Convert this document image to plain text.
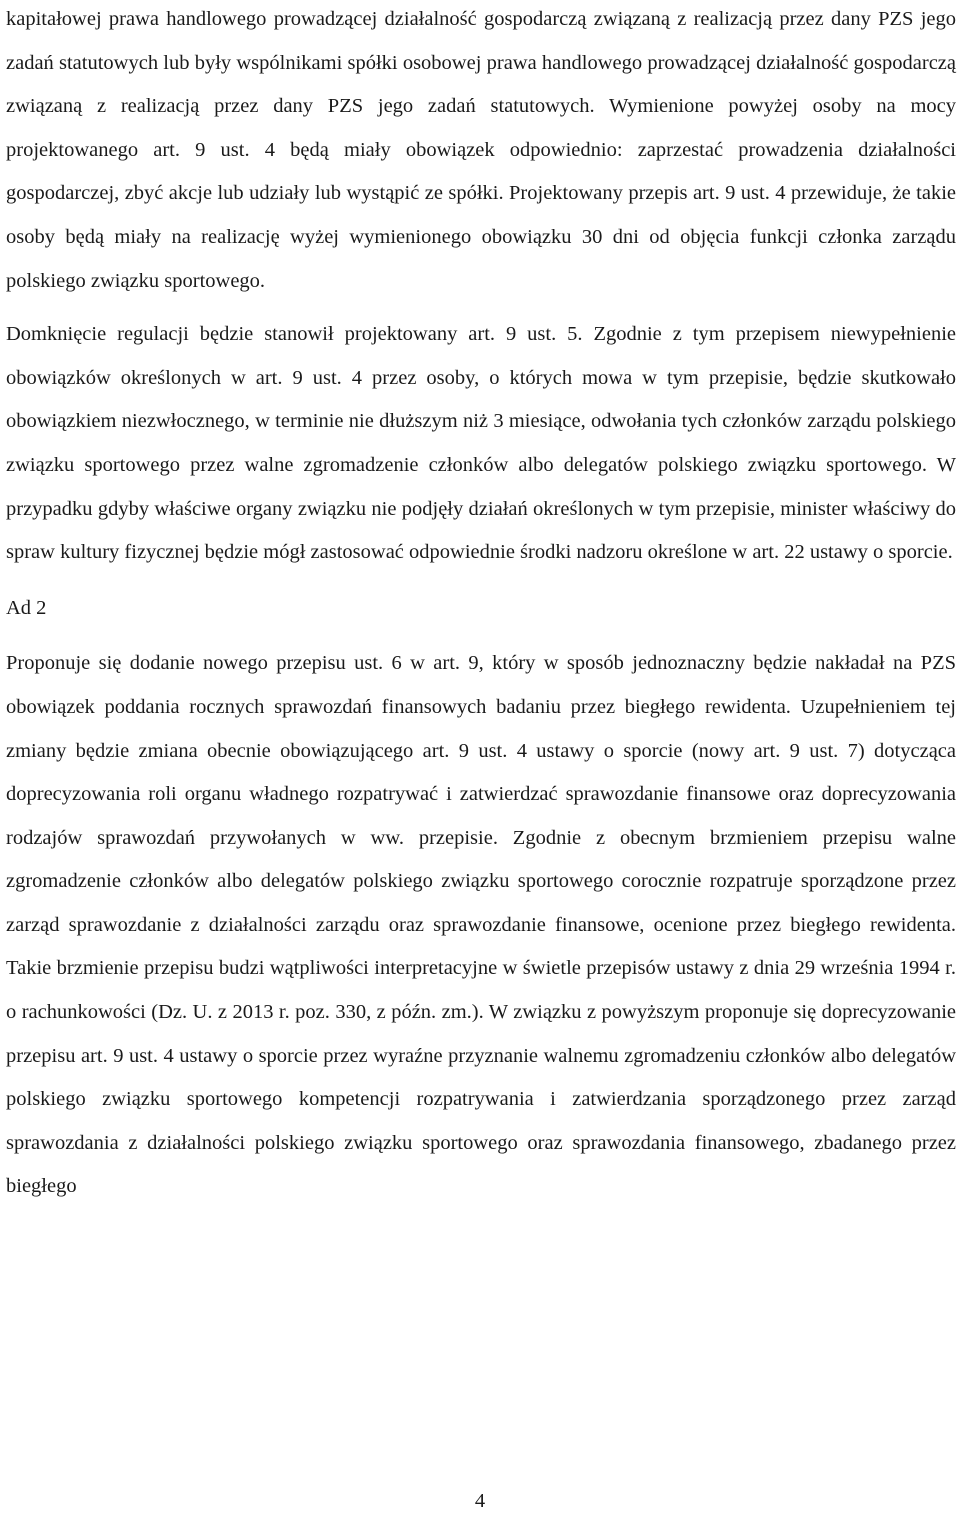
kapitałowej prawa handlowego prowadzącej działalność gospodarczą związaną z realizacją przez dany PZS jego zadań statutowych lub były wspólnikami spółki osobowej prawa handlowego prowadzącej działalność gospodarczą związaną z realizacją przez dany PZS jego zadań statutowych. Wymienione powyżej osoby na mocy projektowanego art. 9 ust. 4 będą miały obowiązek odpowiednio: zaprzestać prowadzenia działalności gospodarczej, zbyć akcje lub udziały lub wystąpić ze spółki. Projektowany przepis art. 9 ust. 4 przewiduje, że takie osoby będą miały na realizację wyżej wymienionego obowiązku 30 dni od objęcia funkcji członka zarządu polskiego związku sportowego.

Domknięcie regulacji będzie stanowił projektowany art. 9 ust. 5. Zgodnie z tym przepisem niewypełnienie obowiązków określonych w art. 9 ust. 4 przez osoby, o których mowa w tym przepisie, będzie skutkowało obowiązkiem niezwłocznego, w terminie nie dłuższym niż 3 miesiące, odwołania tych członków zarządu polskiego związku sportowego przez walne zgromadzenie członków albo delegatów polskiego związku sportowego. W przypadku gdyby właściwe organy związku nie podjęły działań określonych w tym przepisie, minister właściwy do spraw kultury fizycznej będzie mógł zastosować odpowiednie środki nadzoru określone w art. 22 ustawy o sporcie.

Ad 2

Proponuje się dodanie nowego przepisu ust. 6 w art. 9, który w sposób jednoznaczny będzie nakładał na PZS obowiązek poddania rocznych sprawozdań finansowych badaniu przez biegłego rewidenta. Uzupełnieniem tej zmiany będzie zmiana obecnie obowiązującego art. 9 ust. 4 ustawy o sporcie (nowy art. 9 ust. 7) dotycząca doprecyzowania roli organu władnego rozpatrywać i zatwierdzać sprawozdanie finansowe oraz doprecyzowania rodzajów sprawozdań przywołanych w ww. przepisie. Zgodnie z obecnym brzmieniem przepisu walne zgromadzenie członków albo delegatów polskiego związku sportowego corocznie rozpatruje sporządzone przez zarząd sprawozdanie z działalności zarządu oraz sprawozdanie finansowe, ocenione przez biegłego rewidenta. Takie brzmienie przepisu budzi wątpliwości interpretacyjne w świetle przepisów ustawy z dnia 29 września 1994 r. o rachunkowości (Dz. U. z 2013 r. poz. 330, z późn. zm.). W związku z powyższym proponuje się doprecyzowanie przepisu art. 9 ust. 4 ustawy o sporcie przez wyraźne przyznanie walnemu zgromadzeniu członków albo delegatów polskiego związku sportowego kompetencji rozpatrywania i zatwierdzania sporządzonego przez zarząd sprawozdania z działalności polskiego związku sportowego oraz sprawozdania finansowego, zbadanego przez biegłego

4
